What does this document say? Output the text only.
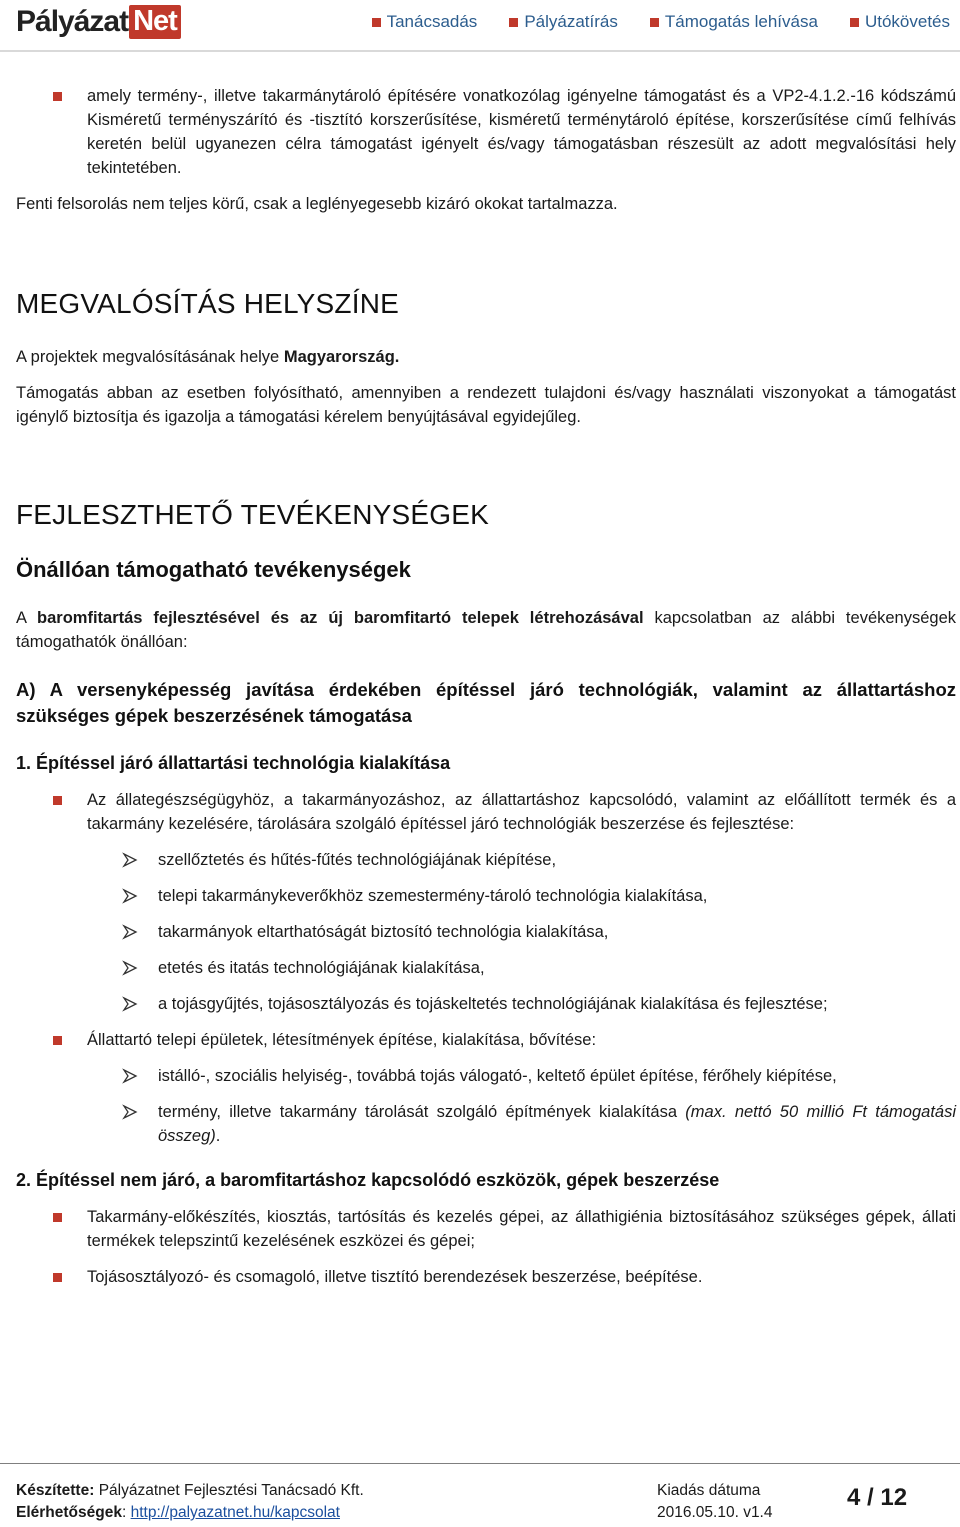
Pályázat Net	Tanácsadás	Pályázatírás	Támogatás lehívása	Utókövetés
amely termény-, illetve takarmánytároló építésére vonatkozólag igényelne támogatást és a VP2-4.1.2.-16 kódszámú Kisméretű terményszárító és -tisztító korszerűsítése, kisméretű terménytároló építése, korszerűsítése című felhívás keretén belül ugyanezen célra támogatást igényelt és/vagy támogatásban részesült az adott megvalósítási hely tekintetében.

Fenti felsorolás nem teljes körű, csak a leglényegesebb kizáró okokat tartalmazza.

MEGVALÓSÍTÁS HELYSZÍNE

A projektek megvalósításának helye Magyarország.

Támogatás abban az esetben folyósítható, amennyiben a rendezett tulajdoni és/vagy használati viszonyokat a támogatást igénylő biztosítja és igazolja a támogatási kérelem benyújtásával egyidejűleg.

FEJLESZTHETŐ TEVÉKENYSÉGEK
Önállóan támogatható tevékenységek

A baromfitartás fejlesztésével és az új baromfitartó telepek létrehozásával kapcsolatban az alábbi tevékenységek támogathatók önállóan:

A) A versenyképesség javítása érdekében építéssel járó technológiák, valamint az állattartáshoz szükséges gépek beszerzésének támogatása
1. Építéssel járó állattartási technológia kialakítása
Az állategészségügyhöz, a takarmányozáshoz, az állattartáshoz kapcsolódó, valamint az előállított termék és a takarmány kezelésére, tárolására szolgáló építéssel járó technológiák beszerzése és fejlesztése:
szellőztetés és hűtés-fűtés technológiájának kiépítése,
telepi takarmánykeverőkhöz szemestermény-tároló technológia kialakítása,
takarmányok eltarthatóságát biztosító technológia kialakítása,
etetés és itatás technológiájának kialakítása,
a tojásgyűjtés, tojásosztályozás és tojáskeltetés technológiájának kialakítása és fejlesztése;
Állattartó telepi épületek, létesítmények építése, kialakítása, bővítése:
istálló-, szociális helyiség-, továbbá tojás válogató-, keltető épület építése, férőhely kiépítése,
termény, illetve takarmány tárolását szolgáló építmények kialakítása (max. nettó 50 millió Ft támogatási összeg).
2. Építéssel nem járó, a baromfitartáshoz kapcsolódó eszközök, gépek beszerzése
Takarmány-előkészítés, kiosztás, tartósítás és kezelés gépei, az állathigiénia biztosításához szükséges gépek, állati termékek telepszintű kezelésének eszközei és gépei;
Tojásosztályozó- és csomagoló, illetve tisztító berendezések beszerzése, beépítése.
Készítette: Pályázatnet Fejlesztési Tanácsadó Kft.
Elérhetőségek: http://palyazatnet.hu/kapcsolat
Kiadás dátuma
2016.05.10. v1.4
4 / 12
